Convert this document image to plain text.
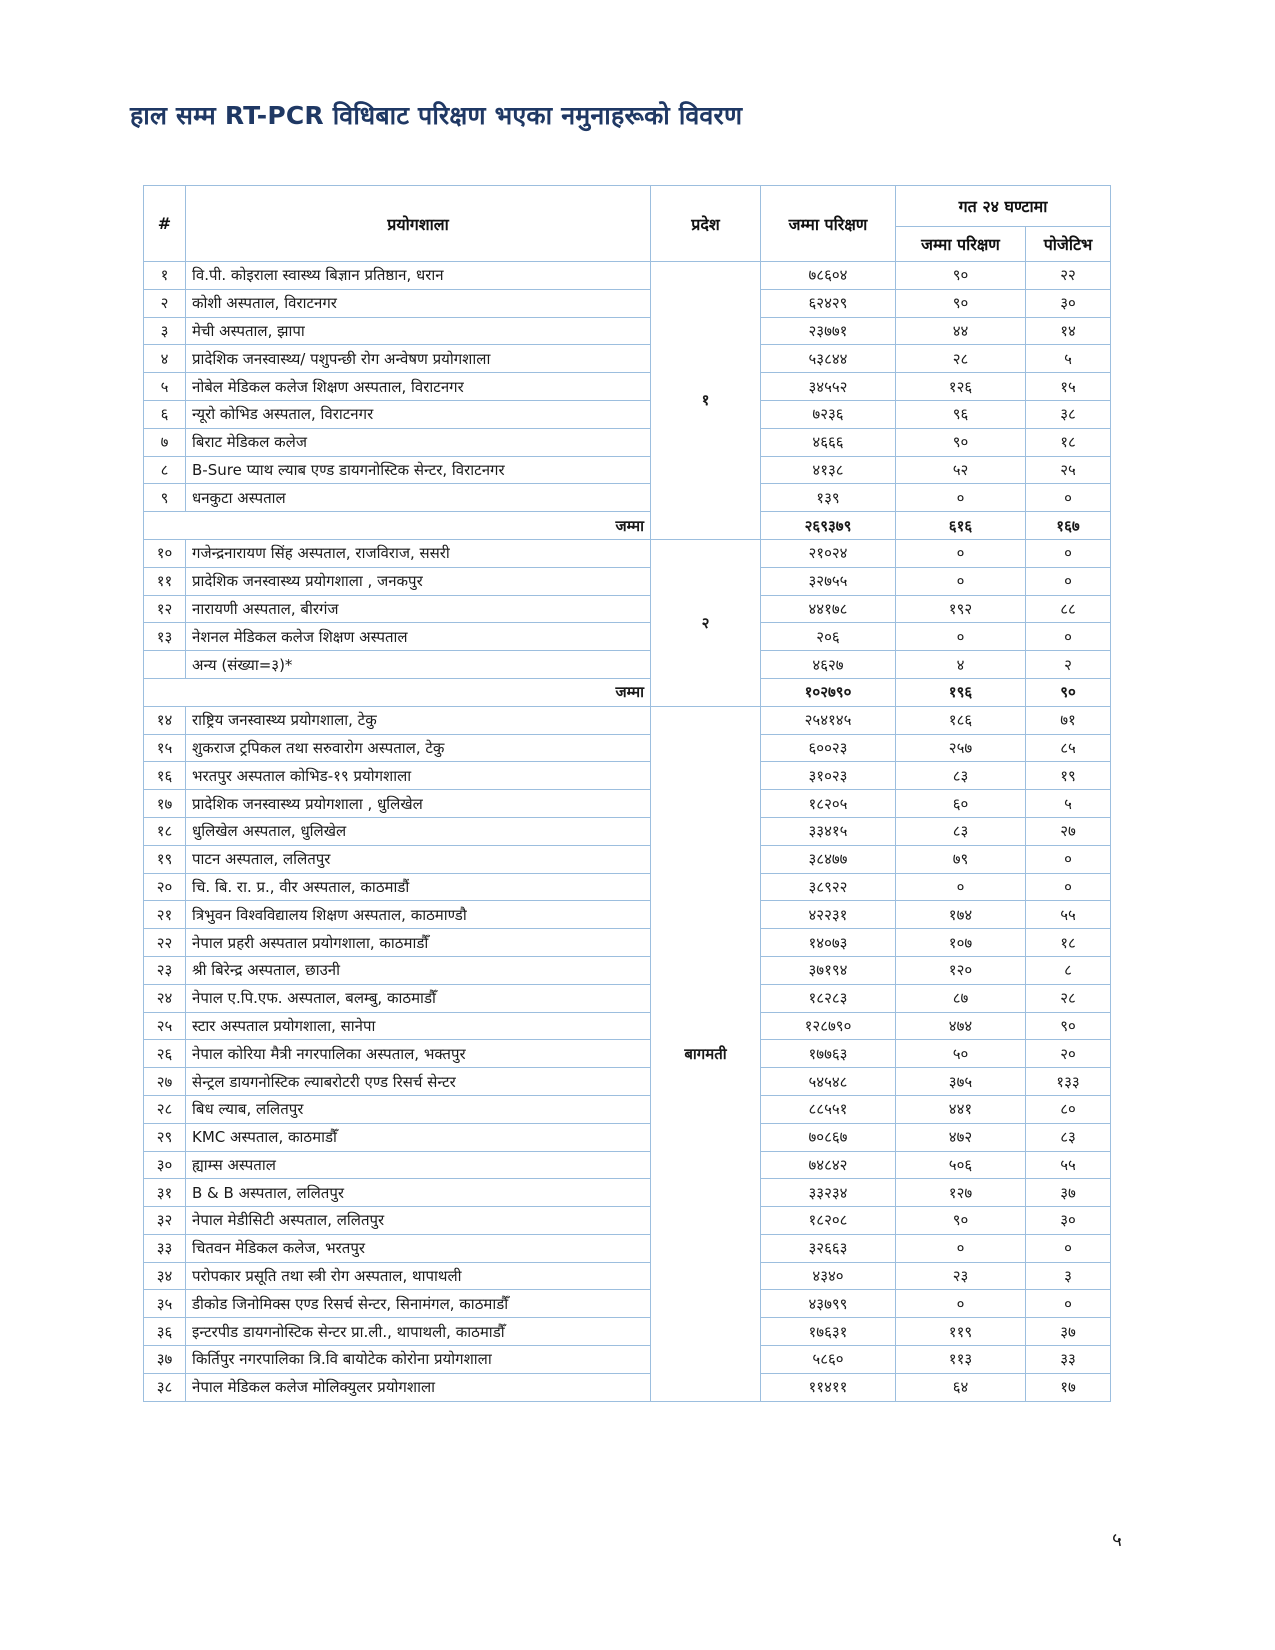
हाल सम्म RT-PCR विधिबाट परिक्षण भएका नमुनाहरूको विवरण
#	प्रयोगशाला	प्रदेश	जम्मा परिक्षण	गत २४ घण्टामा	
				जम्मा परिक्षण	पोजेटिभ
१	वि.पी. कोइराला स्वास्थ्य बिज्ञान प्रतिष्ठान, धरान	१	७८६०४	९०	२२
२	कोशी अस्पताल, विराटनगर		६२४२९	९०	३०
३	मेची अस्पताल, झापा		२३७७१	४४	१४
४	प्रादेशिक जनस्वास्थ्य/ पशुपन्छी रोग अन्वेषण प्रयोगशाला		५३८४४	२८	५
५	नोबेल मेडिकल कलेज शिक्षण अस्पताल, विराटनगर		३४५५२	१२६	१५
६	न्यूरो कोभिड अस्पताल, विराटनगर		७२३६	९६	३८
७	बिराट मेडिकल कलेज		४६६६	९०	१८
८	B-Sure प्याथ ल्याब एण्ड डायगनोस्टिक सेन्टर, विराटनगर		४१३८	५२	२५
९	धनकुटा अस्पताल		१३९	०	०
जम्मा			२६९३७९	६१६	१६७
१०	गजेन्द्रनारायण सिंह अस्पताल, राजविराज, ससरी	२	२१०२४	०	०
११	प्रादेशिक जनस्वास्थ्य प्रयोगशाला , जनकपुर		३२७५५	०	०
१२	नारायणी अस्पताल, बीरगंज		४४१७८	१९२	८८
१३	नेशनल मेडिकल कलेज शिक्षण अस्पताल		२०६	०	०
	अन्य (संख्या=३)*		४६२७	४	२
जम्मा			१०२७९०	१९६	९०
१४	राष्ट्रिय जनस्वास्थ्य प्रयोगशाला, टेकु	बागमती	२५४१४५	१८६	७१
१५	शुकराज ट्रपिकल तथा सरुवारोग अस्पताल, टेकु		६००२३	२५७	८५
१६	भरतपुर अस्पताल कोभिड-१९ प्रयोगशाला		३१०२३	८३	१९
१७	प्रादेशिक जनस्वास्थ्य प्रयोगशाला , धुलिखेल		१८२०५	६०	५
१८	धुलिखेल अस्पताल, धुलिखेल		३३४१५	८३	२७
१९	पाटन अस्पताल, ललितपुर		३८४७७	७९	०
२०	चि. बि. रा. प्र., वीर अस्पताल, काठमाडौं		३८९२२	०	०
२१	त्रिभुवन विश्वविद्यालय शिक्षण अस्पताल, काठमाण्डौ		४२२३१	१७४	५५
२२	नेपाल प्रहरी अस्पताल प्रयोगशाला, काठमाडौँ		१४०७३	१०७	१८
२३	श्री बिरेन्द्र अस्पताल, छाउनी		३७१९४	१२०	८
२४	नेपाल ए.पि.एफ. अस्पताल, बलम्बु, काठमाडौँ		१८२८३	८७	२८
२५	स्टार अस्पताल प्रयोगशाला, सानेपा		१२८७९०	४७४	९०
२६	नेपाल कोरिया मैत्री नगरपालिका अस्पताल, भक्तपुर		१७७६३	५०	२०
२७	सेन्ट्रल डायगनोस्टिक ल्याबरोटरी एण्ड रिसर्च सेन्टर		५४५४८	३७५	१३३
२८	बिध ल्याब, ललितपुर		८८५५१	४४१	८०
२९	KMC अस्पताल, काठमाडौँ		७०८६७	४७२	८३
३०	ह्याम्स अस्पताल		७४८४२	५०६	५५
३१	B & B अस्पताल, ललितपुर		३३२३४	१२७	३७
३२	नेपाल मेडीसिटी अस्पताल, ललितपुर		१८२०८	९०	३०
३३	चितवन मेडिकल कलेज, भरतपुर		३२६६३	०	०
३४	परोपकार प्रसूति तथा स्त्री रोग अस्पताल, थापाथली		४३४०	२३	३
३५	डीकोड जिनोमिक्स एण्ड रिसर्च सेन्टर, सिनामंगल, काठमाडौँ		४३७९९	०	०
३६	इन्टरपीड डायगनोस्टिक सेन्टर प्रा.ली., थापाथली, काठमाडौँ		१७६३१	११९	३७
३७	किर्तिपुर नगरपालिका त्रि.वि बायोटेक कोरोना प्रयोगशाला		५८६०	११३	३३
३८	नेपाल मेडिकल कलेज मोलिक्युलर प्रयोगशाला		११४११	६४	१७
५
